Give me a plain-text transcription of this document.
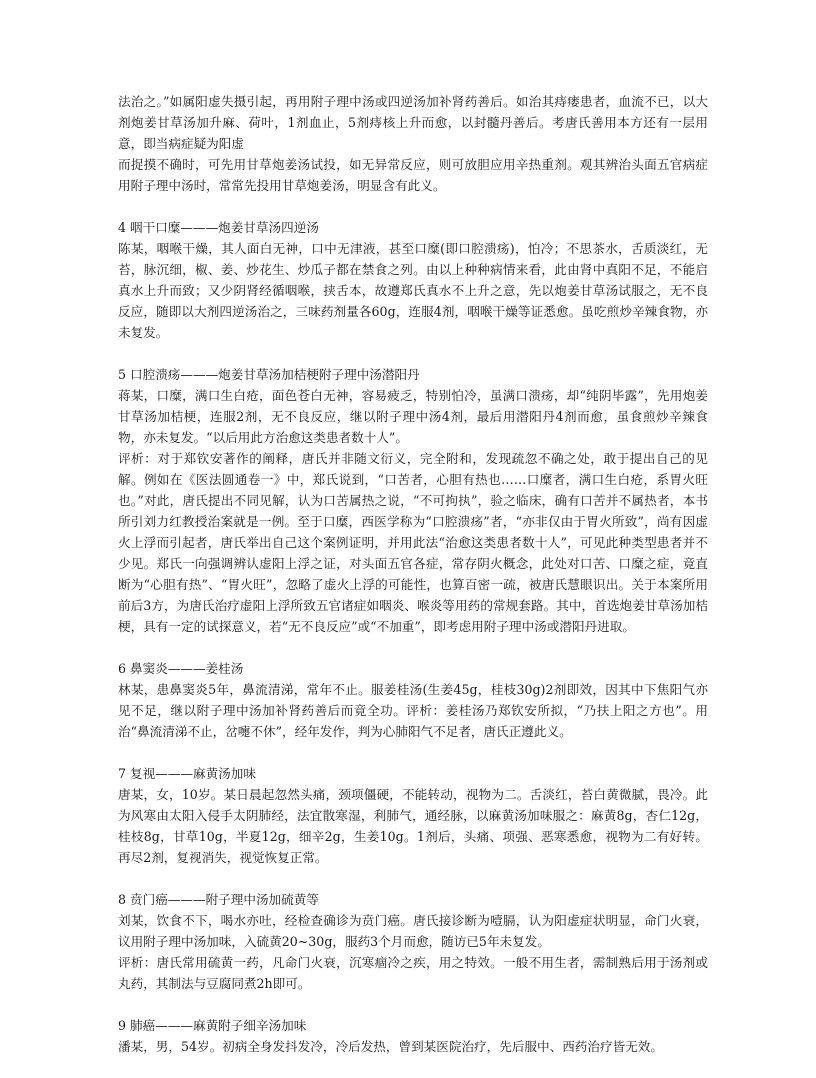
法治之。”如属阳虚失摄引起，再用附子理中汤或四逆汤加补肾药善后。如治其痔瘘患者，血流不已，以大剂炮姜甘草汤加升麻、荷叶，1剂血止，5剂痔核上升而愈，以封髓丹善后。考唐氏善用本方还有一层用意，即当病症疑为阳虚

而捉摸不确时，可先用甘草炮姜汤试投，如无异常反应，则可放胆应用辛热重剂。观其辨治头面五官病症用附子理中汤时，常常先投用甘草炮姜汤，明显含有此义。

4 咽干口糜———炮姜甘草汤四逆汤

陈某，咽喉干燥，其人面白无神，口中无津液，甚至口糜(即口腔溃疡)，怕冷；不思茶水，舌质淡红，无苔，脉沉细，椒、姜、炒花生、炒瓜子都在禁食之列。由以上种种病情来看，此由肾中真阳不足，不能启真水上升而致；又少阴肾经循咽喉，挟舌本，故遵郑氏真水不上升之意，先以炮姜甘草汤试服之，无不良反应，随即以大剂四逆汤治之，三味药剂量各60g，连服4剂，咽喉干燥等证悉愈。虽吃煎炒辛辣食物，亦未复发。

5 口腔溃疡———炮姜甘草汤加桔梗附子理中汤潜阳丹

蒋某，口糜，满口生白疮，面色苍白无神，容易疲乏，特别怕冷，虽满口溃疡，却“纯阴毕露”，先用炮姜甘草汤加桔梗，连服2剂，无不良反应，继以附子理中汤4剂，最后用潜阳丹4剂而愈，虽食煎炒辛辣食物，亦未复发。“以后用此方治愈这类患者数十人”。

评析：对于郑钦安著作的阐释，唐氏并非随文衍义，完全附和，发现疏忽不确之处，敢于提出自己的见解。例如在《医法圆通卷一》中，郑氏说到，“口苦者，心胆有热也……口糜者，满口生白疮，系胃火旺也。”对此，唐氏提出不同见解，认为口苦属热之说，“不可拘执”，验之临床，确有口苦并不属热者，本书所引刘力红教授治案就是一例。至于口糜，西医学称为“口腔溃疡”者，“亦非仅由于胃火所致”，尚有因虚火上浮而引起者，唐氏举出自己这个案例证明，并用此法“治愈这类患者数十人”，可见此种类型患者并不少见。郑氏一向强调辨认虚阳上浮之证，对头面五官各症，常存阴火概念，此处对口苦、口糜之症，竟直断为“心胆有热”、“胃火旺”，忽略了虚火上浮的可能性，也算百密一疏，被唐氏慧眼识出。关于本案所用前后3方，为唐氏治疗虚阳上浮所致五官诸症如咽炎、喉炎等用药的常规套路。其中，首选炮姜甘草汤加桔梗，具有一定的试探意义，若“无不良反应”或“不加重”，即考虑用附子理中汤或潜阳丹进取。

6 鼻窦炎———姜桂汤

林某，患鼻窦炎5年，鼻流清涕，常年不止。服姜桂汤(生姜45g，桂枝30g)2剂即效，因其中下焦阳气亦见不足，继以附子理中汤加补肾药善后而竟全功。评析：姜桂汤乃郑钦安所拟，“乃扶上阳之方也”。用治“鼻流清涕不止，岔嚏不休”，经年发作，判为心肺阳气不足者，唐氏正遵此义。

7 复视———麻黄汤加味

唐某，女，10岁。某日晨起忽然头痛，颈项僵硬，不能转动，视物为二。舌淡红，苔白黄微腻，畏冷。此为风寒由太阳入侵手太阴肺经，法宜散寒湿，利肺气，通经脉，以麻黄汤加味服之：麻黄8g，杏仁12g，桂枝8g，甘草10g，半夏12g，细辛2g，生姜10g。1剂后，头痛、项强、恶寒悉愈，视物为二有好转。再尽2剂，复视消失，视觉恢复正常。

8 贲门癌———附子理中汤加硫黄等

刘某，饮食不下，喝水亦吐，经检查确诊为贲门癌。唐氏接诊断为噎膈，认为阳虚症状明显，命门火衰，议用附子理中汤加味，入硫黄20~30g，服药3个月而愈，随访已5年未复发。

评析：唐氏常用硫黄一药，凡命门火衰，沉寒痼冷之疾，用之特效。一般不用生者，需制熟后用于汤剂或丸药，其制法与豆腐同煮2h即可。

9 肺癌———麻黄附子细辛汤加味

潘某，男，54岁。初病全身发抖发冷，冷后发热，曾到某医院治疗，先后服中、西药治疗皆无效。
